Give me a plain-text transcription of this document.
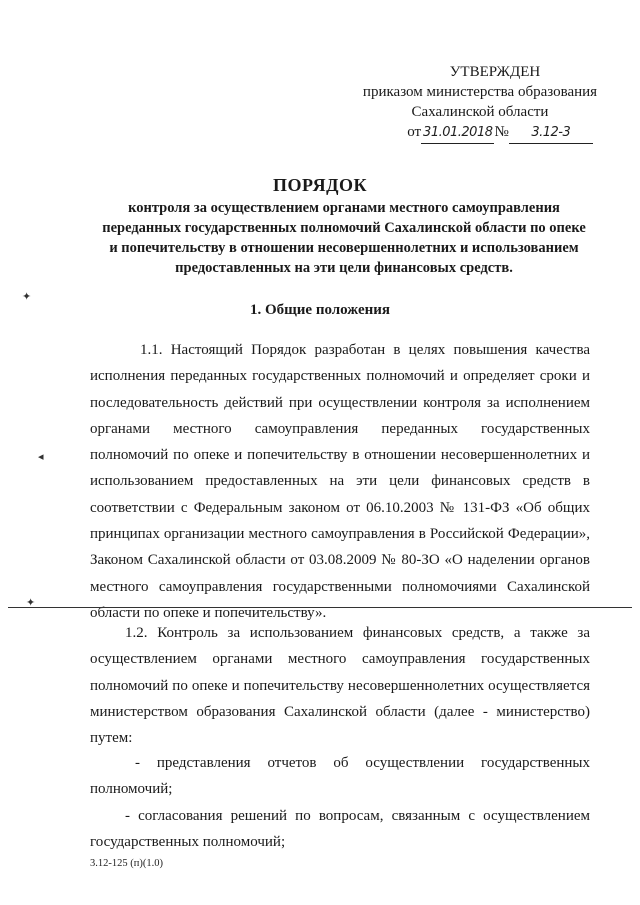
УТВЕРЖДЕН
приказом министерства образования
Сахалинской области
от 31.01.2018 № 3.12-3
ПОРЯДОК
контроля за осуществлением органами местного самоуправления переданных государственных полномочий Сахалинской области по опеке и попечительству в отношении несовершеннолетних и использованием предоставленных на эти цели финансовых средств.
✦
1. Общие положения
1.1. Настоящий Порядок разработан в целях повышения качества исполнения переданных государственных полномочий и определяет сроки и последовательность действий при осуществлении контроля за исполнением органами местного самоуправления переданных государственных полномочий по опеке и попечительству в отношении несовершеннолетних и использованием предоставленных на эти цели финансовых средств в соответствии с Федеральным законом от 06.10.2003 № 131-ФЗ «Об общих принципах организации местного самоуправления в Российской Федерации», Законом Сахалинской области от 03.08.2009 № 80-ЗО «О наделении органов местного самоуправления государственными полномочиями Сахалинской области по опеке и попечительству».
◂
✦
1.2. Контроль за использованием финансовых средств, а также за осуществлением органами местного самоуправления государственных полномочий по опеке и попечительству несовершеннолетних осуществляется министерством образования Сахалинской области (далее - министерство) путем:
- представления отчетов об осуществлении государственных полномочий;
- согласования решений по вопросам, связанным с осуществлением государственных полномочий;
3.12-125 (п)(1.0)
